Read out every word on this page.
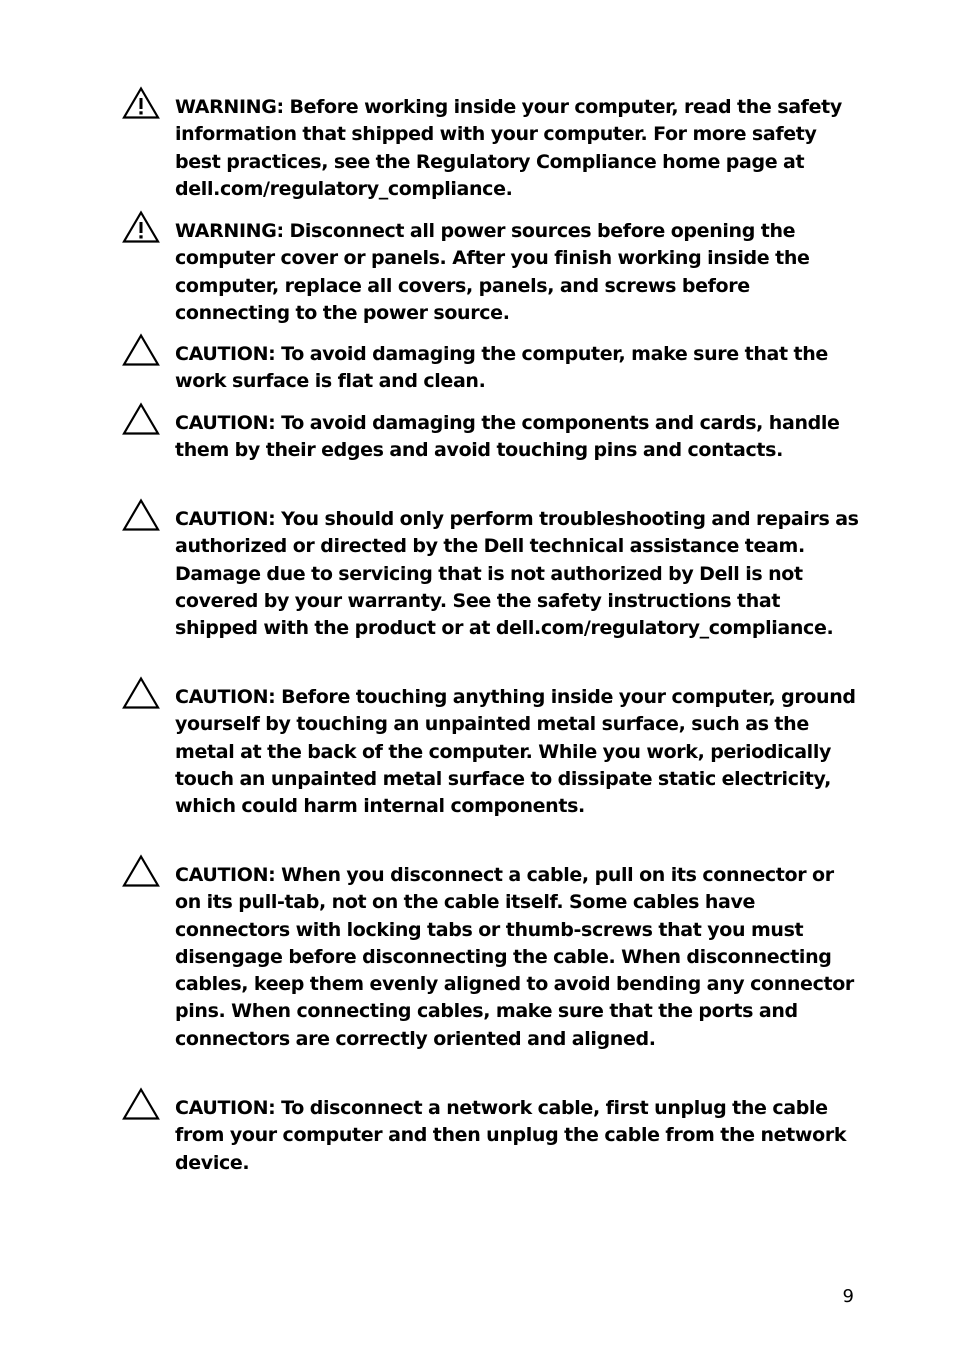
WARNING: Before working inside your computer, read the safety information that shipped with your computer. For more safety best practices, see the Regulatory Compliance home page at dell.com/regulatory_compliance.
WARNING: Disconnect all power sources before opening the computer cover or panels. After you finish working inside the computer, replace all covers, panels, and screws before connecting to the power source.
CAUTION: To avoid damaging the computer, make sure that the work surface is flat and clean.
CAUTION: To avoid damaging the components and cards, handle them by their edges and avoid touching pins and contacts.
CAUTION: You should only perform troubleshooting and repairs as authorized or directed by the Dell technical assistance team. Damage due to servicing that is not authorized by Dell is not covered by your warranty. See the safety instructions that shipped with the product or at dell.com/regulatory_compliance.
CAUTION: Before touching anything inside your computer, ground yourself by touching an unpainted metal surface, such as the metal at the back of the computer. While you work, periodically touch an unpainted metal surface to dissipate static electricity, which could harm internal components.
CAUTION: When you disconnect a cable, pull on its connector or on its pull-tab, not on the cable itself. Some cables have connectors with locking tabs or thumb-screws that you must disengage before disconnecting the cable. When disconnecting cables, keep them evenly aligned to avoid bending any connector pins. When connecting cables, make sure that the ports and connectors are correctly oriented and aligned.
CAUTION: To disconnect a network cable, first unplug the cable from your computer and then unplug the cable from the network device.
9
